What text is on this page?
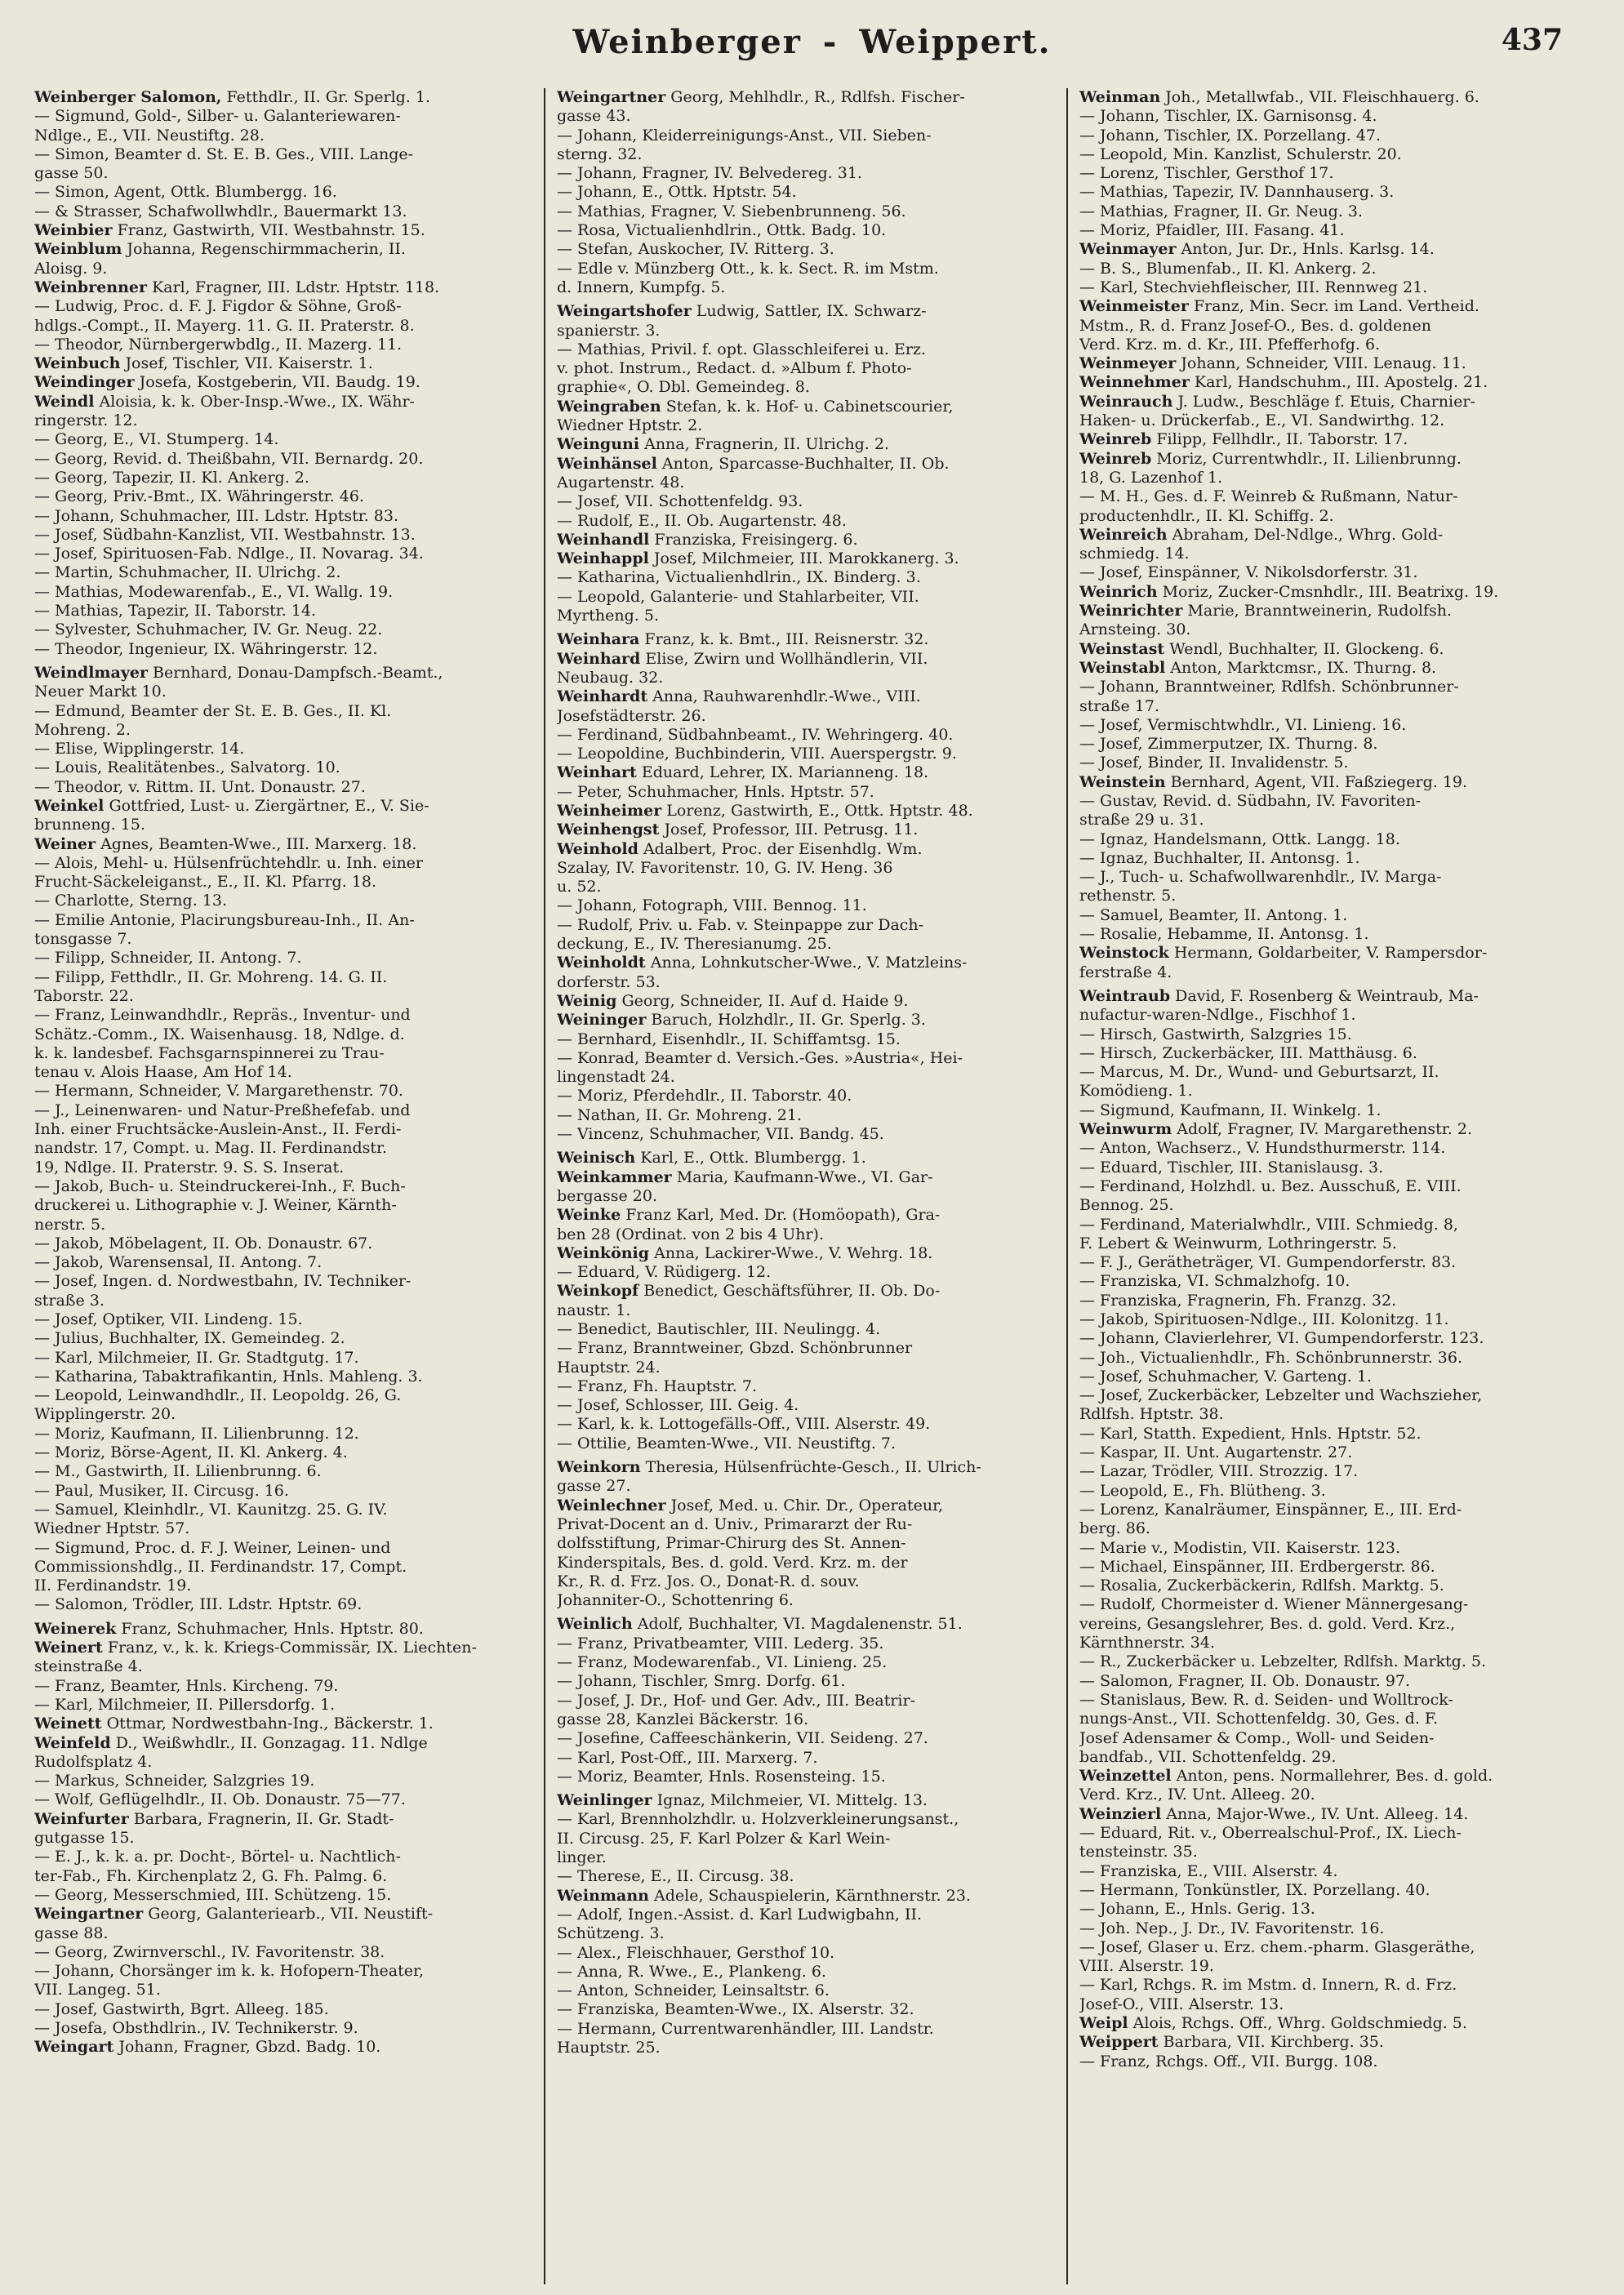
Weinberger - Weippert.	437

Weinberger Salomon, Fetthdlr., II. Gr. Sperlg. 1.

— Sigmund, Gold-, Silber- u. Galanteriewaren-

Ndlge., E., VII. Neustiftg. 28.

— Simon, Beamter d. St. E. B. Ges., VIII. Lange-

gasse 50.

— Simon, Agent, Ottk. Blumbergg. 16.

— & Strasser, Schafwollwhdlr., Bauermarkt 13.

Weinbier Franz, Gastwirth, VII. Westbahnstr. 15.

Weinblum Johanna, Regenschirmmacherin, II.

Aloisg. 9.

Weinbrenner Karl, Fragner, III. Ldstr. Hptstr. 118.

— Ludwig, Proc. d. F. J. Figdor & Söhne, Groß-

hdlgs.-Compt., II. Mayerg. 11. G. II. Praterstr. 8.

— Theodor, Nürnbergerwbdlg., II. Mazerg. 11.

Weinbuch Josef, Tischler, VII. Kaiserstr. 1.

Weindinger Josefa, Kostgeberin, VII. Baudg. 19.

Weindl Aloisia, k. k. Ober-Insp.-Wwe., IX. Währ-

ringerstr. 12.

— Georg, E., VI. Stumperg. 14.

— Georg, Revid. d. Theißbahn, VII. Bernardg. 20.

— Georg, Tapezir, II. Kl. Ankerg. 2.

— Georg, Priv.-Bmt., IX. Währingerstr. 46.

— Johann, Schuhmacher, III. Ldstr. Hptstr. 83.

— Josef, Südbahn-Kanzlist, VII. Westbahnstr. 13.

— Josef, Spirituosen-Fab. Ndlge., II. Novarag. 34.

— Martin, Schuhmacher, II. Ulrichg. 2.

— Mathias, Modewarenfab., E., VI. Wallg. 19.

— Mathias, Tapezir, II. Taborstr. 14.

— Sylvester, Schuhmacher, IV. Gr. Neug. 22.

— Theodor, Ingenieur, IX. Währingerstr. 12.

Weindlmayer Bernhard, Donau-Dampfsch.-Beamt.,

Neuer Markt 10.

— Edmund, Beamter der St. E. B. Ges., II. Kl.

Mohreng. 2.

— Elise, Wipplingerstr. 14.

— Louis, Realitätenbes., Salvatorg. 10.

— Theodor, v. Rittm. II. Unt. Donaustr. 27.

Weinkel Gottfried, Lust- u. Ziergärtner, E., V. Sie-

brunneng. 15.

Weiner Agnes, Beamten-Wwe., III. Marxerg. 18.

— Alois, Mehl- u. Hülsenfrüchtehdlr. u. Inh. einer

Frucht-Säckeleiganst., E., II. Kl. Pfarrg. 18.

— Charlotte, Sterng. 13.

— Emilie Antonie, Placirungsbureau-Inh., II. An-

tonsgasse 7.

— Filipp, Schneider, II. Antong. 7.

— Filipp, Fetthdlr., II. Gr. Mohreng. 14. G. II.

Taborstr. 22.

— Franz, Leinwandhdlr., Repräs., Inventur- und

Schätz.-Comm., IX. Waisenhausg. 18, Ndlge. d.

k. k. landesbef. Fachsgarnspinnerei zu Trau-

tenau v. Alois Haase, Am Hof 14.

— Hermann, Schneider, V. Margarethenstr. 70.

— J., Leinenwaren- und Natur-Preßhefefab. und

Inh. einer Fruchtsäcke-Auslein-Anst., II. Ferdi-

nandstr. 17, Compt. u. Mag. II. Ferdinandstr.

19, Ndlge. II. Praterstr. 9. S. S. Inserat.

— Jakob, Buch- u. Steindruckerei-Inh., F. Buch-

druckerei u. Lithographie v. J. Weiner, Kärnth-

nerstr. 5.

— Jakob, Möbelagent, II. Ob. Donaustr. 67.

— Jakob, Warensensal, II. Antong. 7.

— Josef, Ingen. d. Nordwestbahn, IV. Techniker-

straße 3.

— Josef, Optiker, VII. Lindeng. 15.

— Julius, Buchhalter, IX. Gemeindeg. 2.

— Karl, Milchmeier, II. Gr. Stadtgutg. 17.

— Katharina, Tabaktrafikantin, Hnls. Mahleng. 3.

— Leopold, Leinwandhdlr., II. Leopoldg. 26, G.

Wipplingerstr. 20.

— Moriz, Kaufmann, II. Lilienbrunng. 12.

— Moriz, Börse-Agent, II. Kl. Ankerg. 4.

— M., Gastwirth, II. Lilienbrunng. 6.

— Paul, Musiker, II. Circusg. 16.

— Samuel, Kleinhdlr., VI. Kaunitzg. 25. G. IV.

Wiedner Hptstr. 57.

— Sigmund, Proc. d. F. J. Weiner, Leinen- und

Commissionshdlg., II. Ferdinandstr. 17, Compt.

II. Ferdinandstr. 19.

— Salomon, Trödler, III. Ldstr. Hptstr. 69.

Weinerek Franz, Schuhmacher, Hnls. Hptstr. 80.

Weinert Franz, v., k. k. Kriegs-Commissär, IX. Liechten-

steinstraße 4.

— Franz, Beamter, Hnls. Kircheng. 79.

— Karl, Milchmeier, II. Pillersdorfg. 1.

Weinett Ottmar, Nordwestbahn-Ing., Bäckerstr. 1.

Weinfeld D., Weißwhdlr., II. Gonzagag. 11. Ndlge

Rudolfsplatz 4.

— Markus, Schneider, Salzgries 19.

— Wolf, Geflügelhdlr., II. Ob. Donaustr. 75—77.

Weinfurter Barbara, Fragnerin, II. Gr. Stadt-

gutgasse 15.

— E. J., k. k. a. pr. Docht-, Börtel- u. Nachtlich-

ter-Fab., Fh. Kirchenplatz 2, G. Fh. Palmg. 6.

— Georg, Messerschmied, III. Schützeng. 15.

Weingartner Georg, Galanteriearb., VII. Neustift-

gasse 88.

— Georg, Zwirnverschl., IV. Favoritenstr. 38.

— Johann, Chorsänger im k. k. Hofopern-Theater,

VII. Langeg. 51.

— Josef, Gastwirth, Bgrt. Alleeg. 185.

— Josefa, Obsthdlrin., IV. Technikerstr. 9.

Weingart Johann, Fragner, Gbzd. Badg. 10.

Weingartner Georg, Mehlhdlr., R., Rdlfsh. Fischer-

gasse 43.

— Johann, Kleiderreinigungs-Anst., VII. Sieben-

sterng. 32.

— Johann, Fragner, IV. Belvedereg. 31.

— Johann, E., Ottk. Hptstr. 54.

— Mathias, Fragner, V. Siebenbrunneng. 56.

— Rosa, Victualienhdlrin., Ottk. Badg. 10.

— Stefan, Auskocher, IV. Ritterg. 3.

— Edle v. Münzberg Ott., k. k. Sect. R. im Mstm.

d. Innern, Kumpfg. 5.

Weingartshofer Ludwig, Sattler, IX. Schwarz-

spanierstr. 3.

— Mathias, Privil. f. opt. Glasschleiferei u. Erz.

v. phot. Instrum., Redact. d. »Album f. Photo-

graphie«, O. Dbl. Gemeindeg. 8.

Weingraben Stefan, k. k. Hof- u. Cabinetscourier,

Wiedner Hptstr. 2.

Weinguni Anna, Fragnerin, II. Ulrichg. 2.

Weinhänsel Anton, Sparcasse-Buchhalter, II. Ob.

Augartenstr. 48.

— Josef, VII. Schottenfeldg. 93.

— Rudolf, E., II. Ob. Augartenstr. 48.

Weinhandl Franziska, Freisingerg. 6.

Weinhappl Josef, Milchmeier, III. Marokkanerg. 3.

— Katharina, Victualienhdlrin., IX. Binderg. 3.

— Leopold, Galanterie- und Stahlarbeiter, VII.

Myrtheng. 5.

Weinhara Franz, k. k. Bmt., III. Reisnerstr. 32.

Weinhard Elise, Zwirn und Wollhändlerin, VII.

Neubaug. 32.

Weinhardt Anna, Rauhwarenhdlr.-Wwe., VIII.

Josefstädterstr. 26.

— Ferdinand, Südbahnbeamt., IV. Wehringerg. 40.

— Leopoldine, Buchbinderin, VIII. Auerspergstr. 9.

Weinhart Eduard, Lehrer, IX. Marianneng. 18.

— Peter, Schuhmacher, Hnls. Hptstr. 57.

Weinheimer Lorenz, Gastwirth, E., Ottk. Hptstr. 48.

Weinhengst Josef, Professor, III. Petrusg. 11.

Weinhold Adalbert, Proc. der Eisenhdlg. Wm.

Szalay, IV. Favoritenstr. 10, G. IV. Heng. 36

u. 52.

— Johann, Fotograph, VIII. Bennog. 11.

— Rudolf, Priv. u. Fab. v. Steinpappe zur Dach-

deckung, E., IV. Theresianumg. 25.

Weinholdt Anna, Lohnkutscher-Wwe., V. Matzleins-

dorferstr. 53.

Weinig Georg, Schneider, II. Auf d. Haide 9.

Weininger Baruch, Holzhdlr., II. Gr. Sperlg. 3.

— Bernhard, Eisenhdlr., II. Schiffamtsg. 15.

— Konrad, Beamter d. Versich.-Ges. »Austria«, Hei-

lingenstadt 24.

— Moriz, Pferdehdlr., II. Taborstr. 40.

— Nathan, II. Gr. Mohreng. 21.

— Vincenz, Schuhmacher, VII. Bandg. 45.

Weinisch Karl, E., Ottk. Blumbergg. 1.

Weinkammer Maria, Kaufmann-Wwe., VI. Gar-

bergasse 20.

Weinke Franz Karl, Med. Dr. (Homöopath), Gra-

ben 28 (Ordinat. von 2 bis 4 Uhr).

Weinkönig Anna, Lackirer-Wwe., V. Wehrg. 18.

— Eduard, V. Rüdigerg. 12.

Weinkopf Benedict, Geschäftsführer, II. Ob. Do-

naustr. 1.

— Benedict, Bautischler, III. Neulingg. 4.

— Franz, Branntweiner, Gbzd. Schönbrunner

Hauptstr. 24.

— Franz, Fh. Hauptstr. 7.

— Josef, Schlosser, III. Geig. 4.

— Karl, k. k. Lottogefälls-Off., VIII. Alserstr. 49.

— Ottilie, Beamten-Wwe., VII. Neustiftg. 7.

Weinkorn Theresia, Hülsenfrüchte-Gesch., II. Ulrich-

gasse 27.

Weinlechner Josef, Med. u. Chir. Dr., Operateur,

Privat-Docent an d. Univ., Primararzt der Ru-

dolfsstiftung, Primar-Chirurg des St. Annen-

Kinderspitals, Bes. d. gold. Verd. Krz. m. der

Kr., R. d. Frz. Jos. O., Donat-R. d. souv.

Johanniter-O., Schottenring 6.

Weinlich Adolf, Buchhalter, VI. Magdalenenstr. 51.

— Franz, Privatbeamter, VIII. Lederg. 35.

— Franz, Modewarenfab., VI. Linieng. 25.

— Johann, Tischler, Smrg. Dorfg. 61.

— Josef, J. Dr., Hof- und Ger. Adv., III. Beatrir-

gasse 28, Kanzlei Bäckerstr. 16.

— Josefine, Caffeeschänkerin, VII. Seideng. 27.

— Karl, Post-Off., III. Marxerg. 7.

— Moriz, Beamter, Hnls. Rosensteing. 15.

Weinlinger Ignaz, Milchmeier, VI. Mittelg. 13.

— Karl, Brennholzhdlr. u. Holzverkleinerungsanst.,

II. Circusg. 25, F. Karl Polzer & Karl Wein-

linger.

— Therese, E., II. Circusg. 38.

Weinmann Adele, Schauspielerin, Kärnthnerstr. 23.

— Adolf, Ingen.-Assist. d. Karl Ludwigbahn, II.

Schützeng. 3.

— Alex., Fleischhauer, Gersthof 10.

— Anna, R. Wwe., E., Plankeng. 6.

— Anton, Schneider, Leinsaltstr. 6.

— Franziska, Beamten-Wwe., IX. Alserstr. 32.

— Hermann, Currentwarenhändler, III. Landstr.

Hauptstr. 25.

Weinman Joh., Metallwfab., VII. Fleischhauerg. 6.

— Johann, Tischler, IX. Garnisonsg. 4.

— Johann, Tischler, IX. Porzellang. 47.

— Leopold, Min. Kanzlist, Schulerstr. 20.

— Lorenz, Tischler, Gersthof 17.

— Mathias, Tapezir, IV. Dannhauserg. 3.

— Mathias, Fragner, II. Gr. Neug. 3.

— Moriz, Pfaidler, III. Fasang. 41.

Weinmayer Anton, Jur. Dr., Hnls. Karlsg. 14.

— B. S., Blumenfab., II. Kl. Ankerg. 2.

— Karl, Stechviehfleischer, III. Rennweg 21.

Weinmeister Franz, Min. Secr. im Land. Vertheid.

Mstm., R. d. Franz Josef-O., Bes. d. goldenen

Verd. Krz. m. d. Kr., III. Pfefferhofg. 6.

Weinmeyer Johann, Schneider, VIII. Lenaug. 11.

Weinnehmer Karl, Handschuhm., III. Apostelg. 21.

Weinrauch J. Ludw., Beschläge f. Etuis, Charnier-

Haken- u. Drückerfab., E., VI. Sandwirthg. 12.

Weinreb Filipp, Fellhdlr., II. Taborstr. 17.

Weinreb Moriz, Currentwhdlr., II. Lilienbrunng.

18, G. Lazenhof 1.

— M. H., Ges. d. F. Weinreb & Rußmann, Natur-

productenhdlr., II. Kl. Schiffg. 2.

Weinreich Abraham, Del-Ndlge., Whrg. Gold-

schmiedg. 14.

— Josef, Einspänner, V. Nikolsdorferstr. 31.

Weinrich Moriz, Zucker-Cmsnhdlr., III. Beatrixg. 19.

Weinrichter Marie, Branntweinerin, Rudolfsh.

Arnsteing. 30.

Weinstast Wendl, Buchhalter, II. Glockeng. 6.

Weinstabl Anton, Marktcmsr., IX. Thurng. 8.

— Johann, Branntweiner, Rdlfsh. Schönbrunner-

straße 17.

— Josef, Vermischtwhdlr., VI. Linieng. 16.

— Josef, Zimmerputzer, IX. Thurng. 8.

— Josef, Binder, II. Invalidenstr. 5.

Weinstein Bernhard, Agent, VII. Faßziegerg. 19.

— Gustav, Revid. d. Südbahn, IV. Favoriten-

straße 29 u. 31.

— Ignaz, Handelsmann, Ottk. Langg. 18.

— Ignaz, Buchhalter, II. Antonsg. 1.

— J., Tuch- u. Schafwollwarenhdlr., IV. Marga-

rethenstr. 5.

— Samuel, Beamter, II. Antong. 1.

— Rosalie, Hebamme, II. Antonsg. 1.

Weinstock Hermann, Goldarbeiter, V. Rampersdor-

ferstraße 4.

Weintraub David, F. Rosenberg & Weintraub, Ma-

nufactur-waren-Ndlge., Fischhof 1.

— Hirsch, Gastwirth, Salzgries 15.

— Hirsch, Zuckerbäcker, III. Matthäusg. 6.

— Marcus, M. Dr., Wund- und Geburtsarzt, II.

Komödieng. 1.

— Sigmund, Kaufmann, II. Winkelg. 1.

Weinwurm Adolf, Fragner, IV. Margarethenstr. 2.

— Anton, Wachserz., V. Hundsthurmerstr. 114.

— Eduard, Tischler, III. Stanislausg. 3.

— Ferdinand, Holzhdl. u. Bez. Ausschuß, E. VIII.

Bennog. 25.

— Ferdinand, Materialwhdlr., VIII. Schmiedg. 8,

F. Lebert & Weinwurm, Lothringerstr. 5.

— F. J., Gerätheträger, VI. Gumpendorferstr. 83.

— Franziska, VI. Schmalzhofg. 10.

— Franziska, Fragnerin, Fh. Franzg. 32.

— Jakob, Spirituosen-Ndlge., III. Kolonitzg. 11.

— Johann, Clavierlehrer, VI. Gumpendorferstr. 123.

— Joh., Victualienhdlr., Fh. Schönbrunnerstr. 36.

— Josef, Schuhmacher, V. Garteng. 1.

— Josef, Zuckerbäcker, Lebzelter und Wachszieher,

Rdlfsh. Hptstr. 38.

— Karl, Statth. Expedient, Hnls. Hptstr. 52.

— Kaspar, II. Unt. Augartenstr. 27.

— Lazar, Trödler, VIII. Strozzig. 17.

— Leopold, E., Fh. Blütheng. 3.

— Lorenz, Kanalräumer, Einspänner, E., III. Erd-

berg. 86.

— Marie v., Modistin, VII. Kaiserstr. 123.

— Michael, Einspänner, III. Erdbergerstr. 86.

— Rosalia, Zuckerbäckerin, Rdlfsh. Marktg. 5.

— Rudolf, Chormeister d. Wiener Männergesang-

vereins, Gesangslehrer, Bes. d. gold. Verd. Krz.,

Kärnthnerstr. 34.

— R., Zuckerbäcker u. Lebzelter, Rdlfsh. Marktg. 5.

— Salomon, Fragner, II. Ob. Donaustr. 97.

— Stanislaus, Bew. R. d. Seiden- und Wolltrock-

nungs-Anst., VII. Schottenfeldg. 30, Ges. d. F.

Josef Adensamer & Comp., Woll- und Seiden-

bandfab., VII. Schottenfeldg. 29.

Weinzettel Anton, pens. Normallehrer, Bes. d. gold.

Verd. Krz., IV. Unt. Alleeg. 20.

Weinzierl Anna, Major-Wwe., IV. Unt. Alleeg. 14.

— Eduard, Rit. v., Oberrealschul-Prof., IX. Liech-

tensteinstr. 35.

— Franziska, E., VIII. Alserstr. 4.

— Hermann, Tonkünstler, IX. Porzellang. 40.

— Johann, E., Hnls. Gerig. 13.

— Joh. Nep., J. Dr., IV. Favoritenstr. 16.

— Josef, Glaser u. Erz. chem.-pharm. Glasgeräthe,

VIII. Alserstr. 19.

— Karl, Rchgs. R. im Mstm. d. Innern, R. d. Frz.

Josef-O., VIII. Alserstr. 13.

Weipl Alois, Rchgs. Off., Whrg. Goldschmiedg. 5.

Weippert Barbara, VII. Kirchberg. 35.

— Franz, Rchgs. Off., VII. Burgg. 108.
